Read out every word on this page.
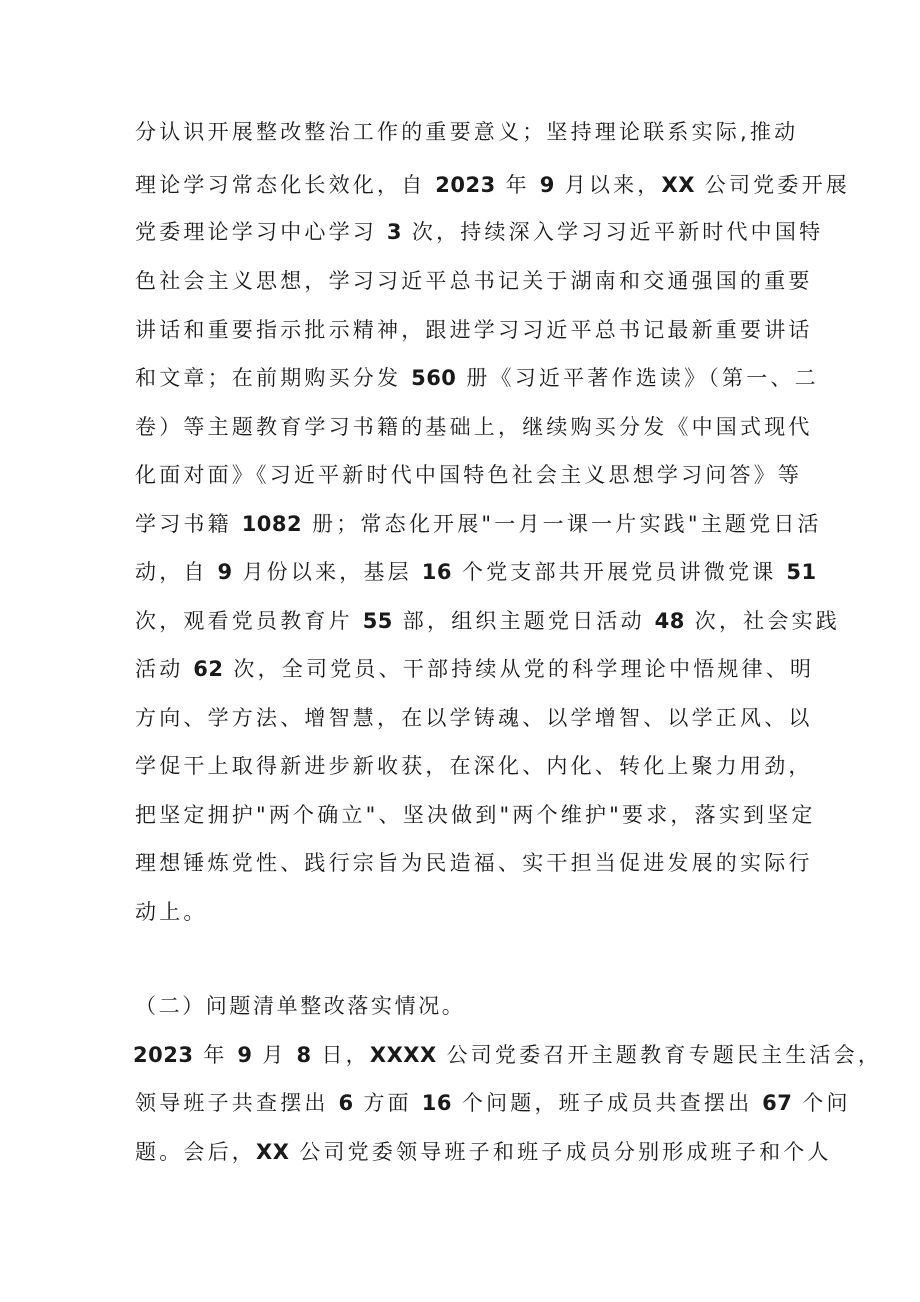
分认识开展整改整治工作的重要意义；坚持理论联系实际,推动
理论学习常态化长效化，自 2023 年 9 月以来，XX 公司党委开展
党委理论学习中心学习 3 次，持续深入学习习近平新时代中国特
色社会主义思想，学习习近平总书记关于湖南和交通强国的重要
讲话和重要指示批示精神，跟进学习习近平总书记最新重要讲话
和文章；在前期购买分发 560 册《习近平著作选读》（第一、二
卷）等主题教育学习书籍的基础上，继续购买分发《中国式现代
化面对面》《习近平新时代中国特色社会主义思想学习问答》等
学习书籍 1082 册；常态化开展"一月一课一片实践"主题党日活
动，自 9 月份以来，基层 16 个党支部共开展党员讲微党课 51
次，观看党员教育片 55 部，组织主题党日活动 48 次，社会实践
活动 62 次，全司党员、干部持续从党的科学理论中悟规律、明
方向、学方法、增智慧，在以学铸魂、以学增智、以学正风、以
学促干上取得新进步新收获，在深化、内化、转化上聚力用劲，
把坚定拥护"两个确立"、坚决做到"两个维护"要求，落实到坚定
理想锤炼党性、践行宗旨为民造福、实干担当促进发展的实际行
动上。
（二）问题清单整改落实情况。
2023 年 9 月 8 日，XXXX 公司党委召开主题教育专题民主生活会，
领导班子共查摆出 6 方面 16 个问题，班子成员共查摆出 67 个问
题。会后，XX 公司党委领导班子和班子成员分别形成班子和个人
